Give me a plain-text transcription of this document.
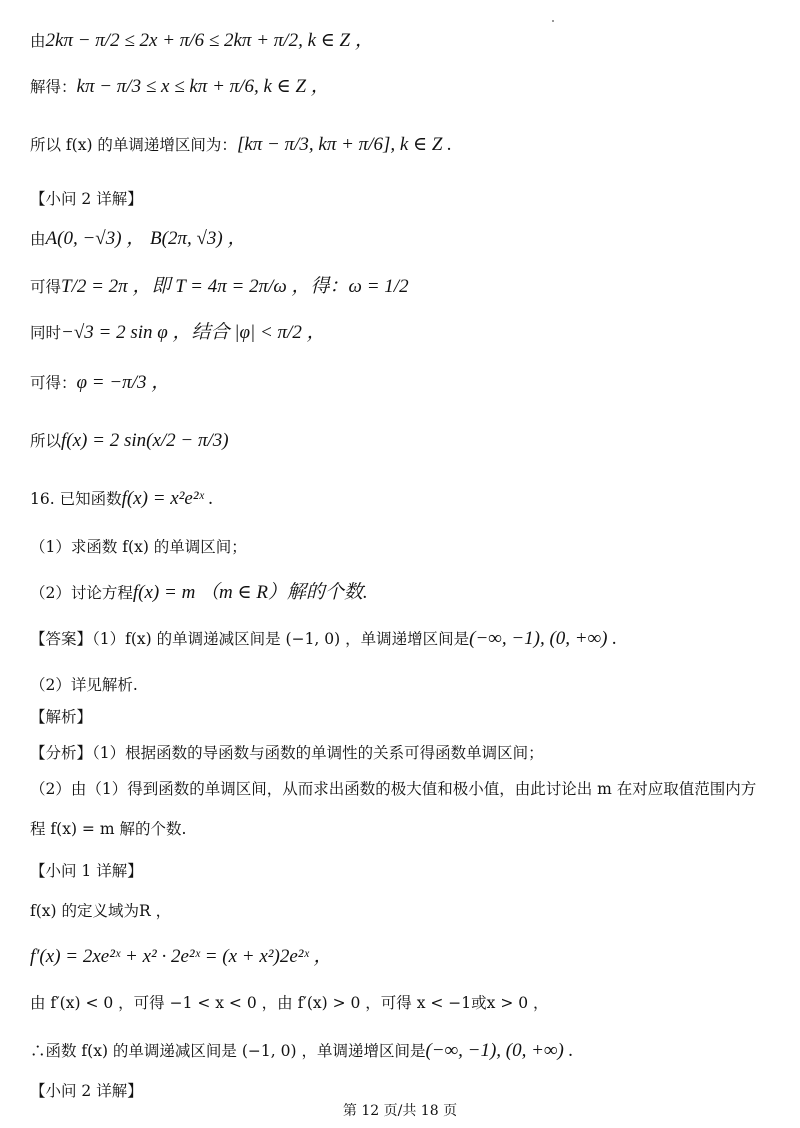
由2kπ − π/2 ≤ 2x + π/6 ≤ 2kπ + π/2, k ∈ Z ，
解得：kπ − π/3 ≤ x ≤ kπ + π/6, k ∈ Z ，
所以 f(x) 的单调递增区间为：[kπ − π/3, kπ + π/6], k ∈ Z .
【小问 2 详解】
由A(0, −√3) ， B(2π, √3) ，
可得T/2 = 2π ，即 T = 4π = 2π/ω ，得：ω = 1/2
同时−√3 = 2 sin φ ，结合 |φ| < π/2 ，
可得：φ = −π/3 ，
所以f(x) = 2 sin(x/2 − π/3)
16. 已知函数f(x) = x²e²ˣ .
（1）求函数 f(x) 的单调区间；
（2）讨论方程f(x) = m （m ∈ R）解的个数.
【答案】（1）f(x) 的单调递减区间是 (−1, 0) ，单调递增区间是(−∞, −1), (0, +∞) .
（2）详见解析.
【解析】
【分析】（1）根据函数的导函数与函数的单调性的关系可得函数单调区间；
（2）由（1）得到函数的单调区间，从而求出函数的极大值和极小值，由此讨论出 m 在对应取值范围内方
程 f(x) = m 解的个数.
【小问 1 详解】
f(x) 的定义域为R ，
f′(x) = 2xe²ˣ + x² · 2e²ˣ = (x + x²)2e²ˣ ，
由 f′(x) < 0 ，可得 −1 < x < 0 ，由 f′(x) > 0 ，可得 x < −1或x > 0 ，
∴函数 f(x) 的单调递减区间是 (−1, 0) ，单调递增区间是(−∞, −1), (0, +∞) .
【小问 2 详解】
第 12 页/共 18 页
